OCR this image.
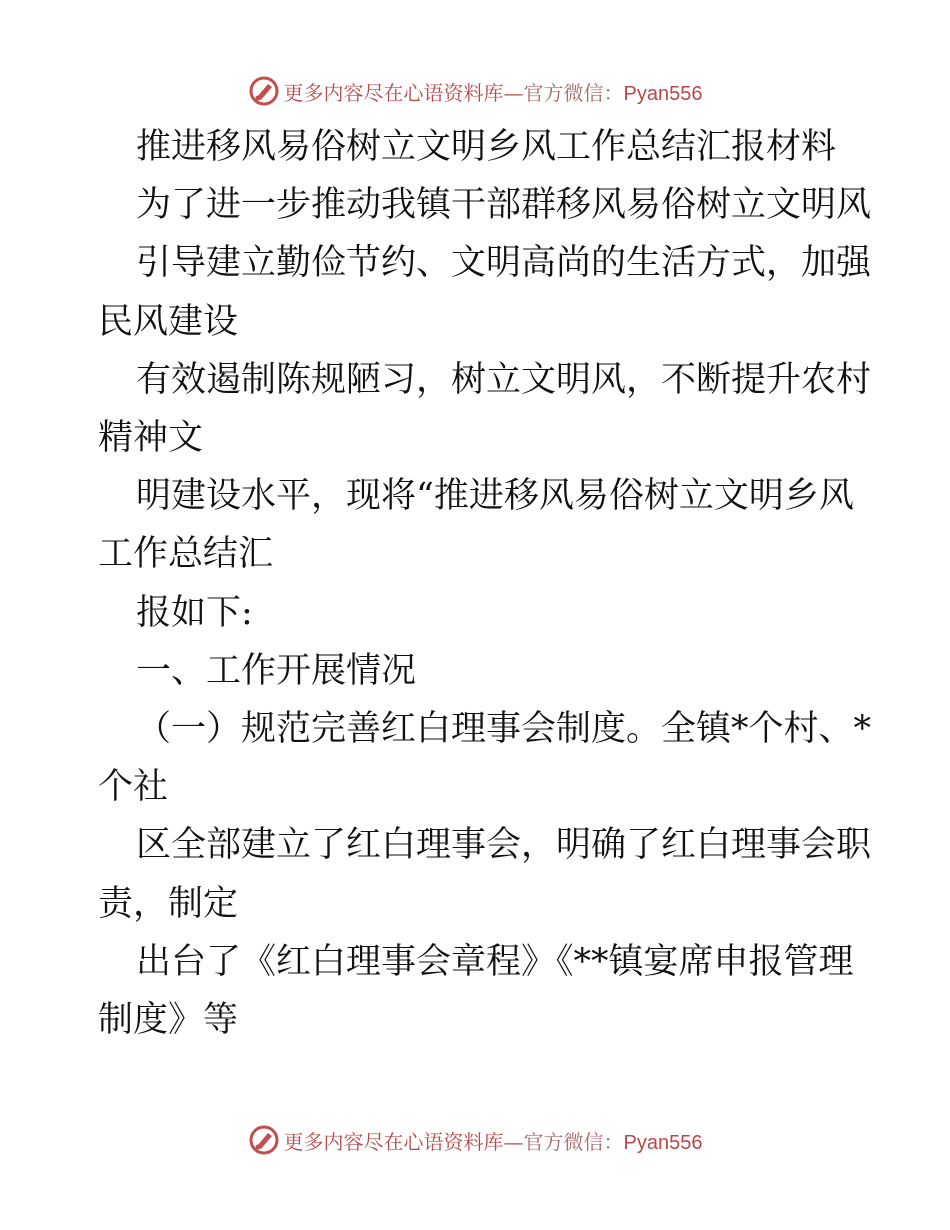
更多内容尽在心语资料库—官方微信：Pyan556
推进移风易俗树立文明乡风工作总结汇报材料
为了进一步推动我镇干部群移风易俗树立文明风
引导建立勤俭节约、文明高尚的生活方式，加强
民风建设
有效遏制陈规陋习，树立文明风，不断提升农村
精神文
明建设水平，现将“推进移风易俗树立文明乡风
工作总结汇
报如下:
一、工作开展情况
（一）规范完善红白理事会制度。全镇*个村、*
个社
区全部建立了红白理事会，明确了红白理事会职
责，制定
出台了《红白理事会章程》《**镇宴席申报管理
制度》等
更多内容尽在心语资料库—官方微信：Pyan556
